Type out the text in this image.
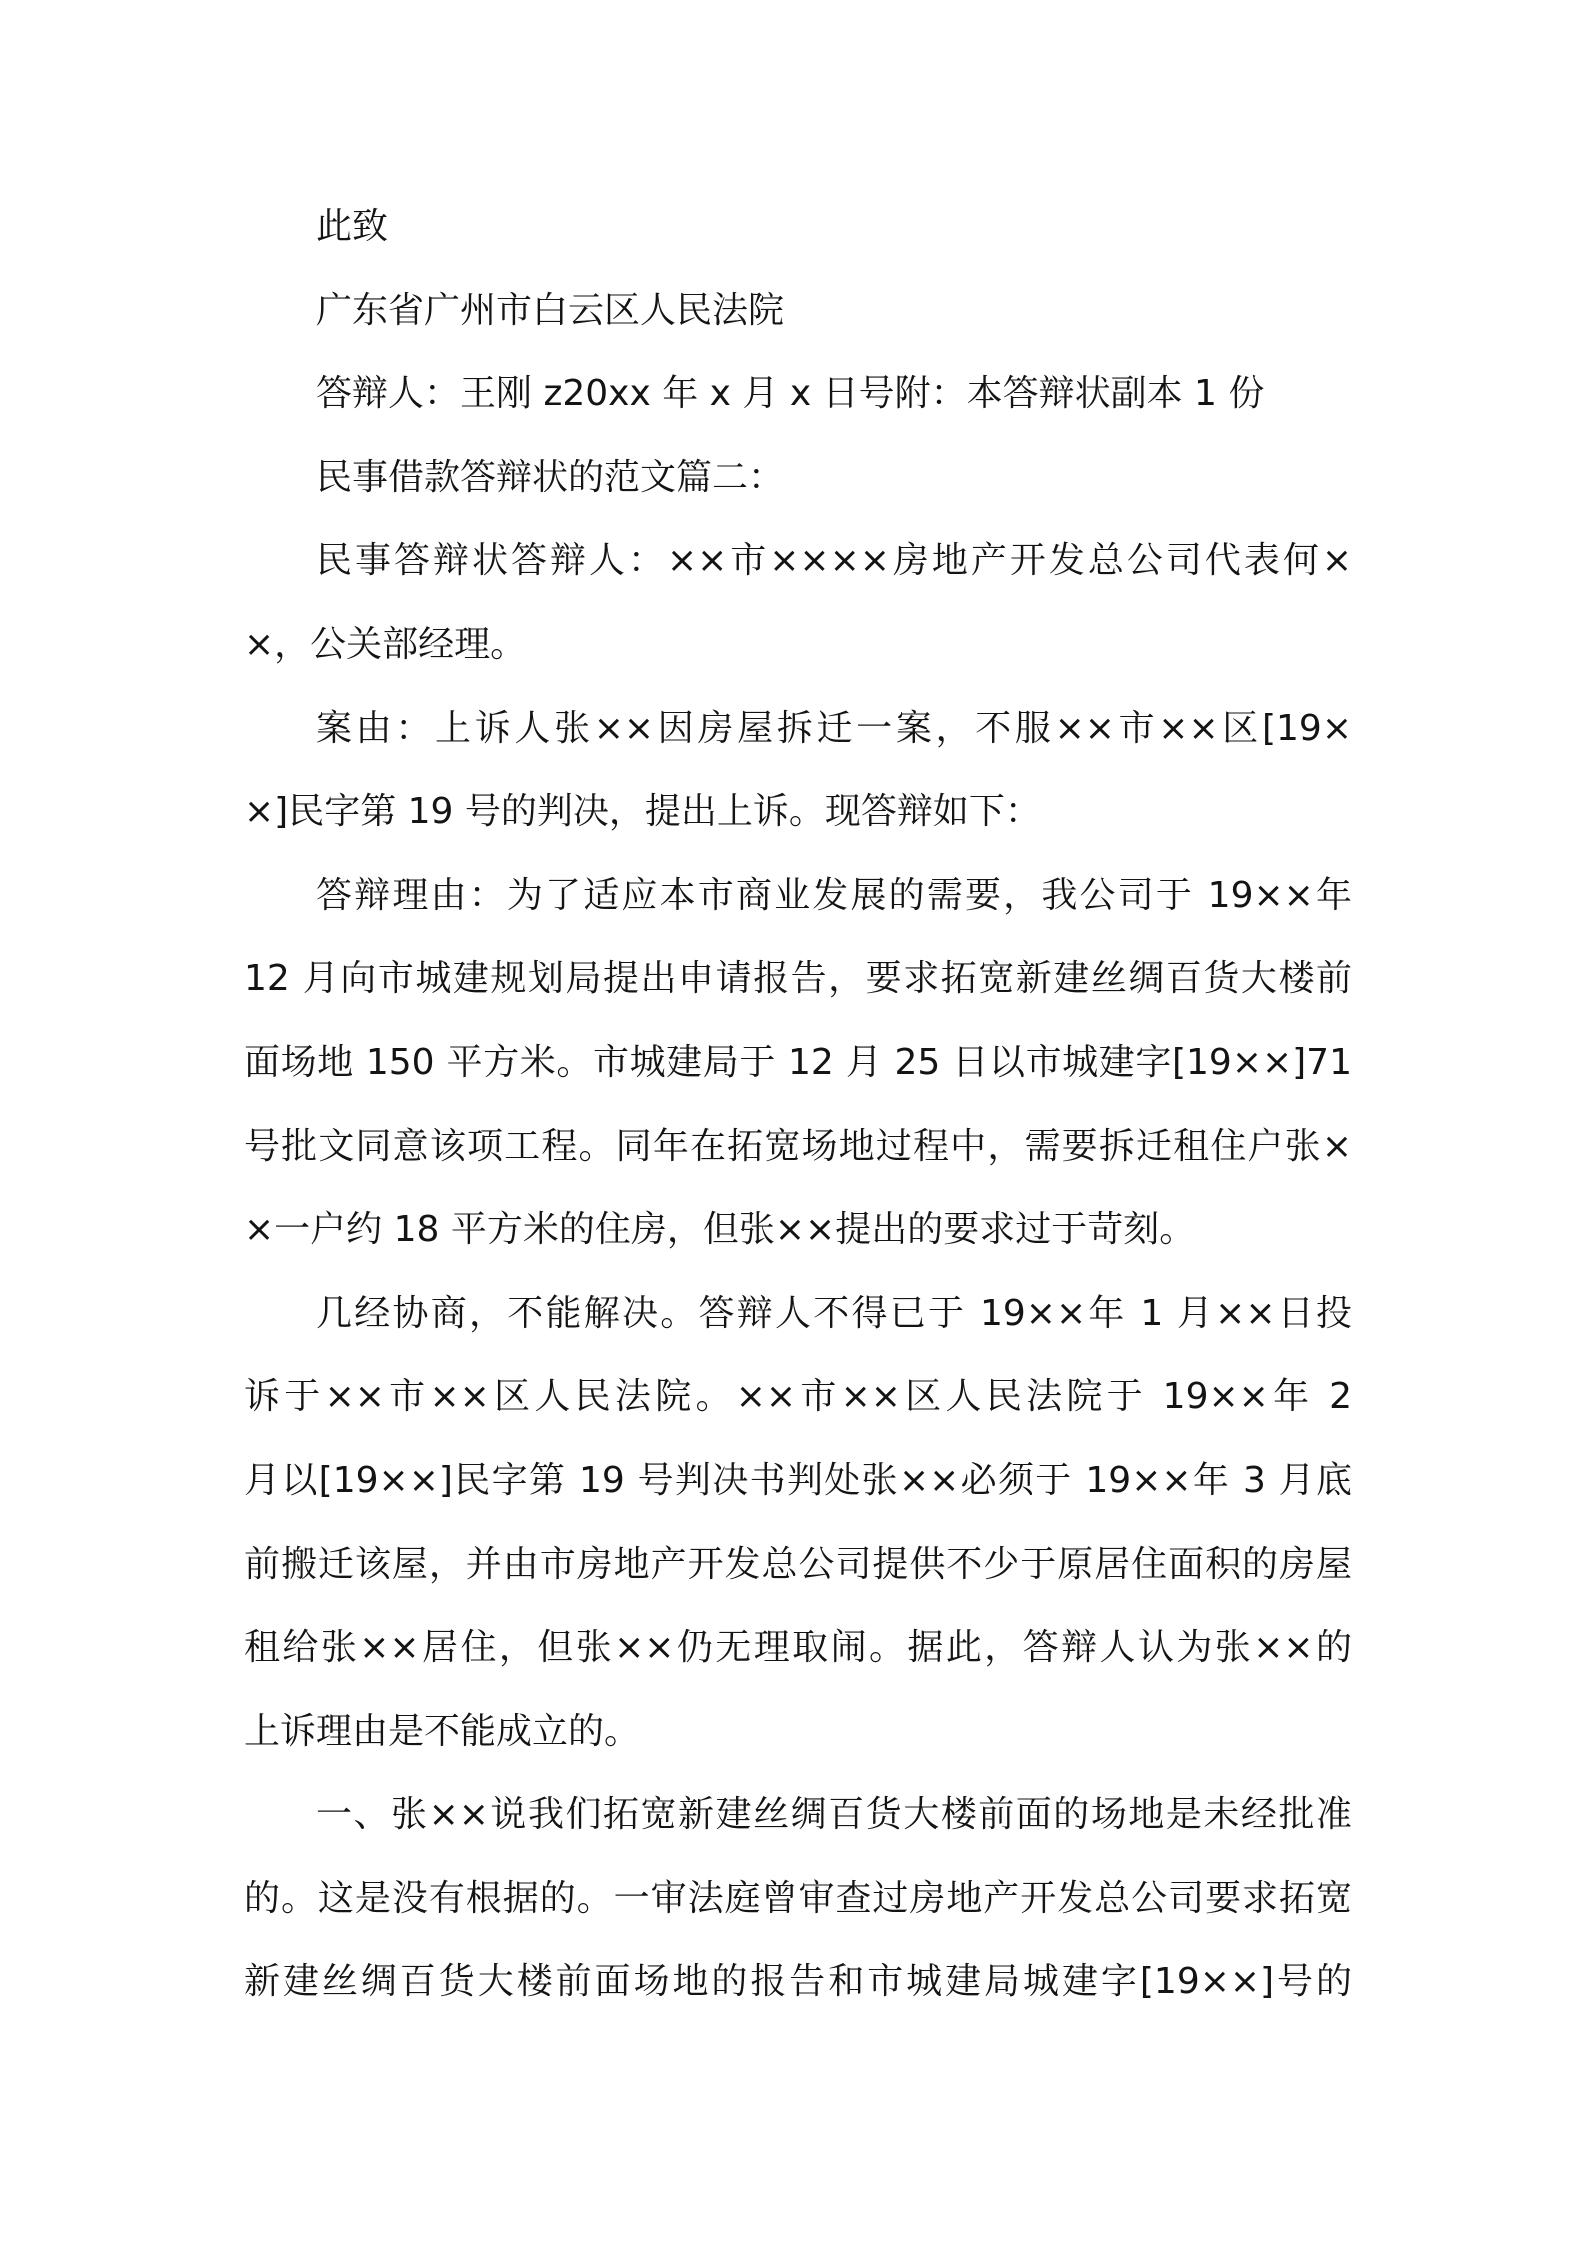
此致
广东省广州市白云区人民法院
答辩人：王刚 z20xx 年 x 月 x 日号附：本答辩状副本 1 份
民事借款答辩状的范文篇二：
民事答辩状答辩人：××市××××房地产开发总公司代表何×
×，公关部经理。
案由：上诉人张××因房屋拆迁一案，不服××市××区[19×
×]民字第 19 号的判决，提出上诉。现答辩如下：
答辩理由：为了适应本市商业发展的需要，我公司于 19××年
12 月向市城建规划局提出申请报告，要求拓宽新建丝绸百货大楼前
面场地 150 平方米。市城建局于 12 月 25 日以市城建字[19××]71
号批文同意该项工程。同年在拓宽场地过程中，需要拆迁租住户张×
×一户约 18 平方米的住房，但张××提出的要求过于苛刻。
几经协商，不能解决。答辩人不得已于 19××年 1 月××日投
诉于××市××区人民法院。××市××区人民法院于 19××年 2
月以[19××]民字第 19 号判决书判处张××必须于 19××年 3 月底
前搬迁该屋，并由市房地产开发总公司提供不少于原居住面积的房屋
租给张××居住，但张××仍无理取闹。据此，答辩人认为张××的
上诉理由是不能成立的。
一、张××说我们拓宽新建丝绸百货大楼前面的场地是未经批准
的。这是没有根据的。一审法庭曾审查过房地产开发总公司要求拓宽
新建丝绸百货大楼前面场地的报告和市城建局城建字[19××]号的
